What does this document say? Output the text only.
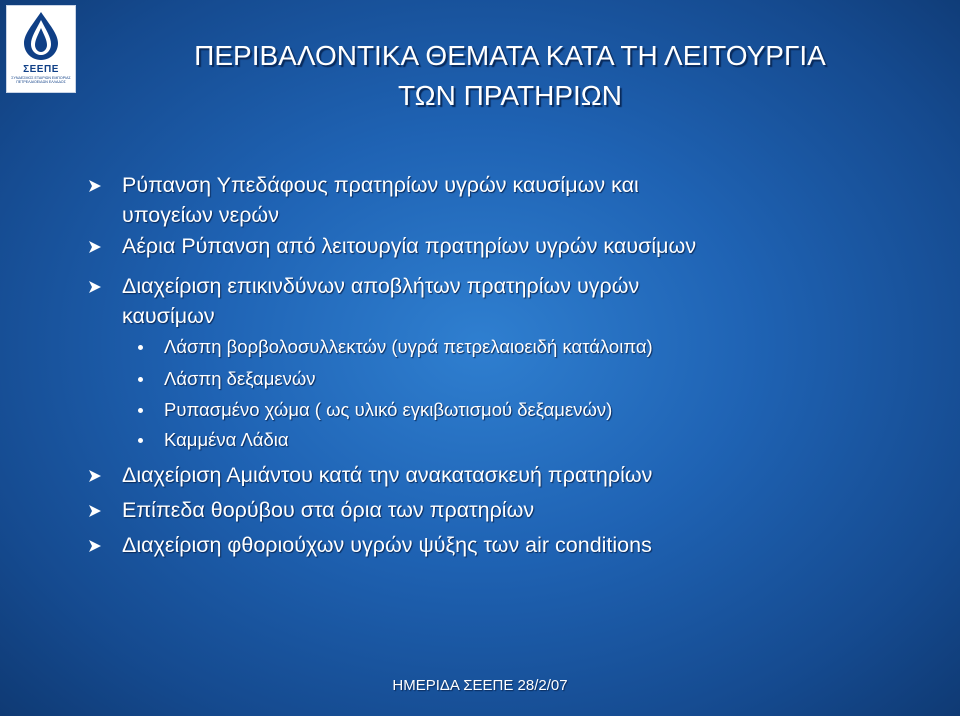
ΣΕΕΠΕ
ΣΥΝΔΕΣΜΟΣ ΕΤΑΙΡΙΩΝ ΕΜΠΟΡΙΑΣ ΠΕΤΡΕΛΑΙΟΕΙΔΩΝ ΕΛΛΑΔΟΣ
ΠΕΡΙΒΑΛΟΝΤΙΚΑ ΘΕΜΑΤΑ ΚΑΤΑ ΤΗ ΛΕΙΤΟΥΡΓΙΑ
ΤΩΝ ΠΡΑΤΗΡΙΩΝ
Ρύπανση Υπεδάφους πρατηρίων υγρών καυσίμων και
υπογείων νερών
Αέρια Ρύπανση από λειτουργία πρατηρίων υγρών καυσίμων
Διαχείριση επικινδύνων αποβλήτων πρατηρίων υγρών
καυσίμων
Λάσπη βορβολοσυλλεκτών (υγρά πετρελαιοειδή κατάλοιπα)
Λάσπη δεξαμενών
Ρυπασμένο χώμα ( ως υλικό εγκιβωτισμού δεξαμενών)
Καμμένα Λάδια
Διαχείριση Αμιάντου κατά την ανακατασκευή πρατηρίων
Επίπεδα θορύβου στα όρια των πρατηρίων
Διαχείριση φθοριούχων υγρών ψύξης των air conditions
ΗΜΕΡΙΔΑ ΣΕΕΠΕ 28/2/07
